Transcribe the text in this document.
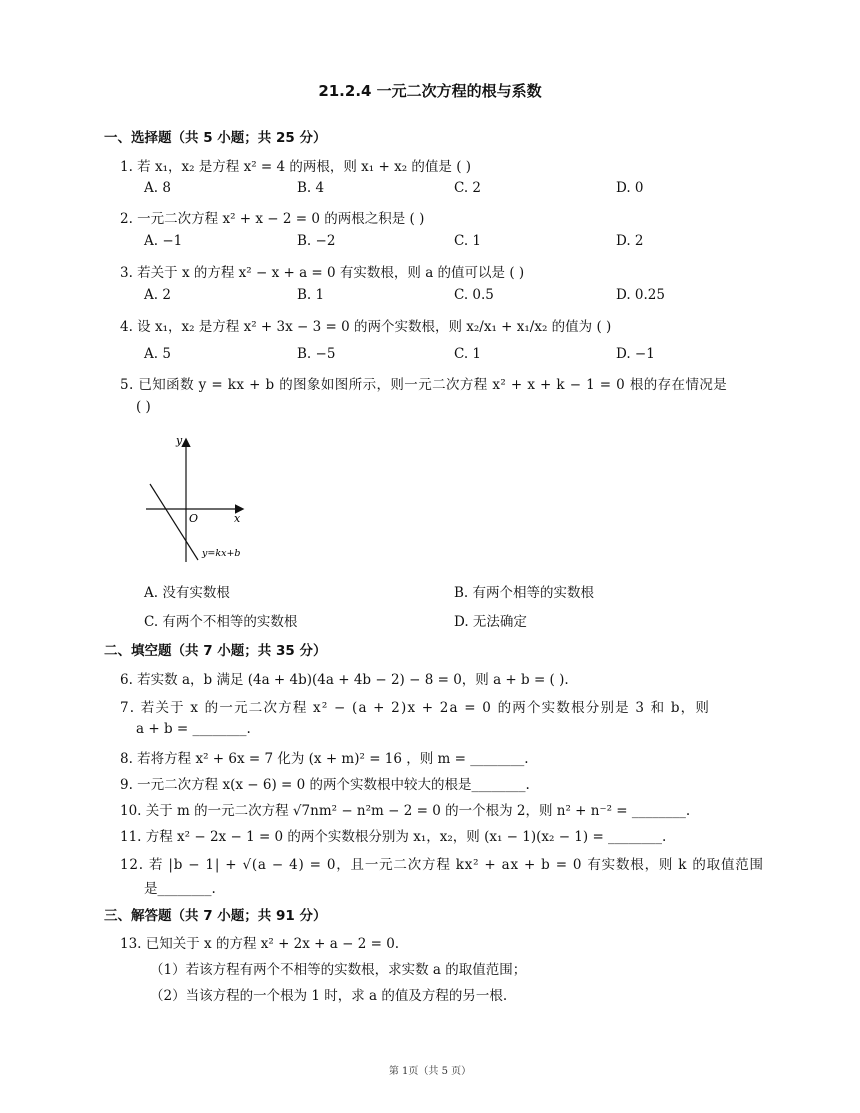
21.2.4 一元二次方程的根与系数
一、选择题（共 5 小题；共 25 分）
1. 若 x₁，x₂ 是方程 x² = 4 的两根，则 x₁ + x₂ 的值是 ( )
A. 8	B. 4	C. 2	D. 0
2. 一元二次方程 x² + x − 2 = 0 的两根之积是 ( )
A. −1	B. −2	C. 1	D. 2
3. 若关于 x 的方程 x² − x + a = 0 有实数根，则 a 的值可以是 ( )
A. 2	B. 1	C. 0.5	D. 0.25
4. 设 x₁，x₂ 是方程 x² + 3x − 3 = 0 的两个实数根，则 x₂/x₁ + x₁/x₂ 的值为 ( )
A. 5	B. −5	C. 1	D. −1
5. 已知函数 y = kx + b 的图象如图所示，则一元二次方程 x² + x + k − 1 = 0 根的存在情况是
( )
y
x
O
y=kx+b
A. 没有实数根	B. 有两个相等的实数根
C. 有两个不相等的实数根	D. 无法确定
二、填空题（共 7 小题；共 35 分）
6. 若实数 a，b 满足 (4a + 4b)(4a + 4b − 2) − 8 = 0，则 a + b = ( ).
7. 若关于 x 的一元二次方程 x² − (a + 2)x + 2a = 0 的两个实数根分别是 3 和 b，则
a + b = ________.
8. 若将方程 x² + 6x = 7 化为 (x + m)² = 16 ，则 m = ________.
9. 一元二次方程 x(x − 6) = 0 的两个实数根中较大的根是________.
10. 关于 m 的一元二次方程 √7nm² − n²m − 2 = 0 的一个根为 2，则 n² + n⁻² = ________.
11. 方程 x² − 2x − 1 = 0 的两个实数根分别为 x₁，x₂，则 (x₁ − 1)(x₂ − 1) = ________.
12. 若 |b − 1| + √(a − 4) = 0，且一元二次方程 kx² + ax + b = 0 有实数根，则 k 的取值范围
是________.
三、解答题（共 7 小题；共 91 分）
13. 已知关于 x 的方程 x² + 2x + a − 2 = 0.
（1）若该方程有两个不相等的实数根，求实数 a 的取值范围；
（2）当该方程的一个根为 1 时，求 a 的值及方程的另一根.
第 1页（共 5 页）
